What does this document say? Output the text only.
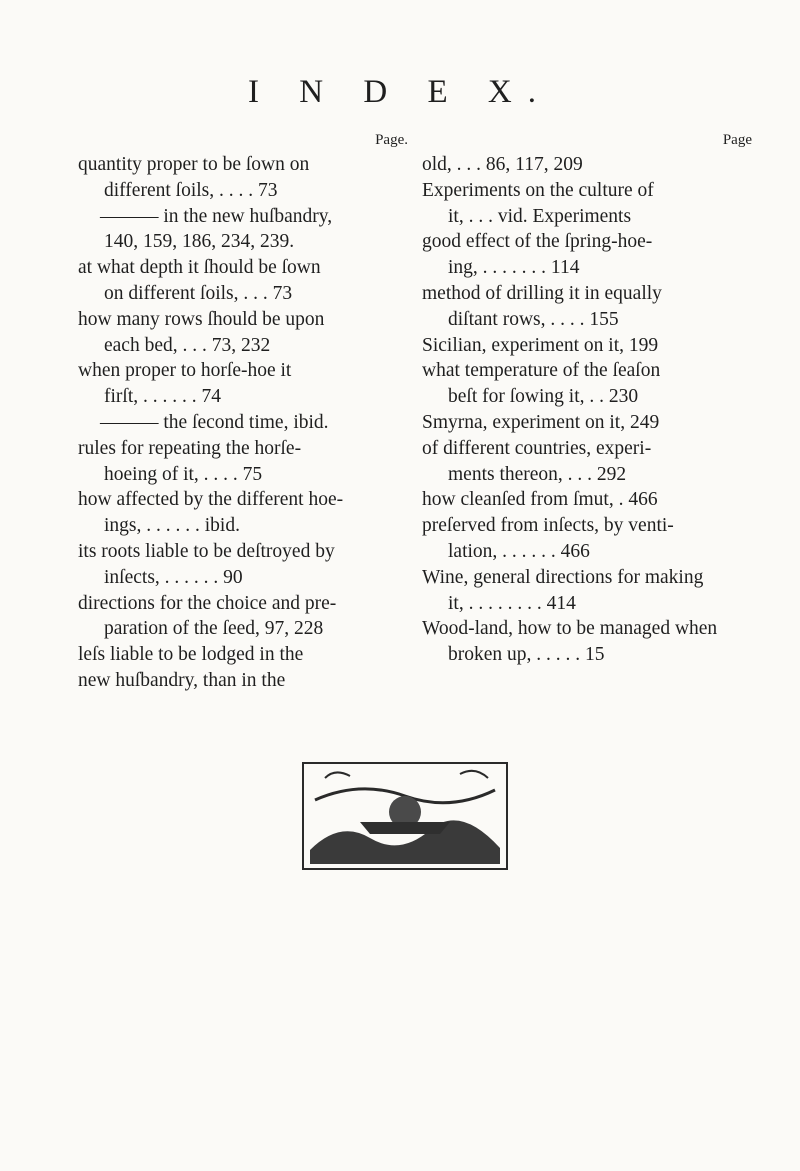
I N D E X.
Page.
quantity proper to be ſown on
different ſoils, . . . . 73
——— in the new huſbandry,
140, 159, 186, 234, 239.
at what depth it ſhould be ſown
on different ſoils, . . . 73
how many rows ſhould be upon
each bed, . . . 73, 232
when proper to horſe-hoe it
firſt, . . . . . . 74
——— the ſecond time, ibid.
rules for repeating the horſe-
hoeing of it, . . . . 75
how affected by the different hoe-
ings, . . . . . . ibid.
its roots liable to be deſtroyed by
inſects, . . . . . . 90
directions for the choice and pre-
paration of the ſeed, 97, 228
leſs liable to be lodged in the
new huſbandry, than in the
Page
old, . . . 86, 117, 209
Experiments on the culture of
it, . . . vid. Experiments
good effect of the ſpring-hoe-
ing, . . . . . . . 114
method of drilling it in equally
diſtant rows, . . . . 155
Sicilian, experiment on it, 199
what temperature of the ſeaſon
beſt for ſowing it, . . 230
Smyrna, experiment on it, 249
of different countries, experi-
ments thereon, . . . 292
how cleanſed from ſmut, . 466
preſerved from inſects, by venti-
lation, . . . . . . 466
Wine, general directions for making
it, . . . . . . . . 414
Wood-land, how to be managed when
broken up, . . . . . 15
